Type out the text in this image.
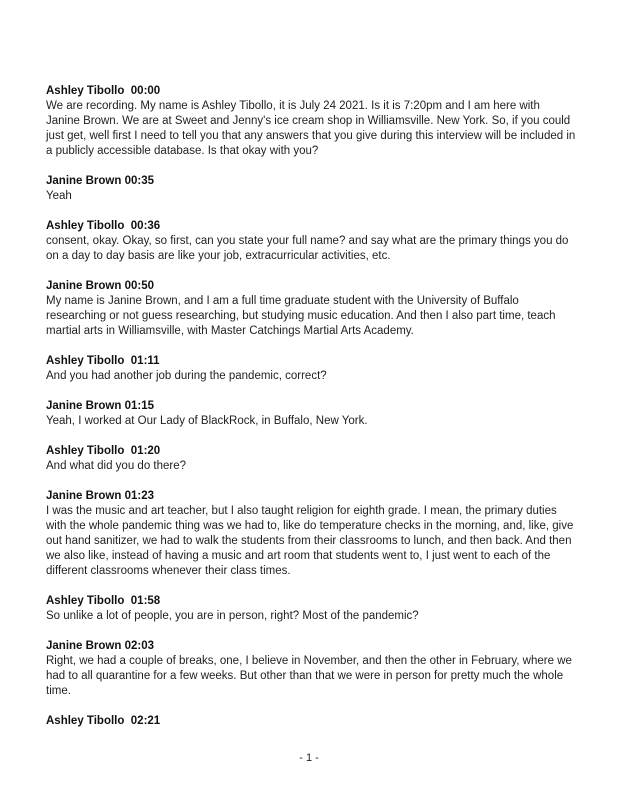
Ashley Tibollo 00:00

We are recording. My name is Ashley Tibollo, it is July 24 2021. Is it is 7:20pm and I am here with Janine Brown. We are at Sweet and Jenny's ice cream shop in Williamsville. New York. So, if you could just get, well first I need to tell you that any answers that you give during this interview will be included in a publicly accessible database. Is that okay with you?

Janine Brown 00:35

Yeah

Ashley Tibollo 00:36

consent, okay. Okay, so first, can you state your full name? and say what are the primary things you do on a day to day basis are like your job, extracurricular activities, etc.

Janine Brown 00:50

My name is Janine Brown, and I am a full time graduate student with the University of Buffalo researching or not guess researching, but studying music education. And then I also part time, teach martial arts in Williamsville, with Master Catchings Martial Arts Academy.

Ashley Tibollo 01:11

And you had another job during the pandemic, correct?

Janine Brown 01:15

Yeah, I worked at Our Lady of BlackRock, in Buffalo, New York.

Ashley Tibollo 01:20

And what did you do there?

Janine Brown 01:23

I was the music and art teacher, but I also taught religion for eighth grade. I mean, the primary duties with the whole pandemic thing was we had to, like do temperature checks in the morning, and, like, give out hand sanitizer, we had to walk the students from their classrooms to lunch, and then back. And then we also like, instead of having a music and art room that students went to, I just went to each of the different classrooms whenever their class times.

Ashley Tibollo 01:58

So unlike a lot of people, you are in person, right? Most of the pandemic?

Janine Brown 02:03

Right, we had a couple of breaks, one, I believe in November, and then the other in February, where we had to all quarantine for a few weeks. But other than that we were in person for pretty much the whole time.

Ashley Tibollo 02:21
- 1 -
